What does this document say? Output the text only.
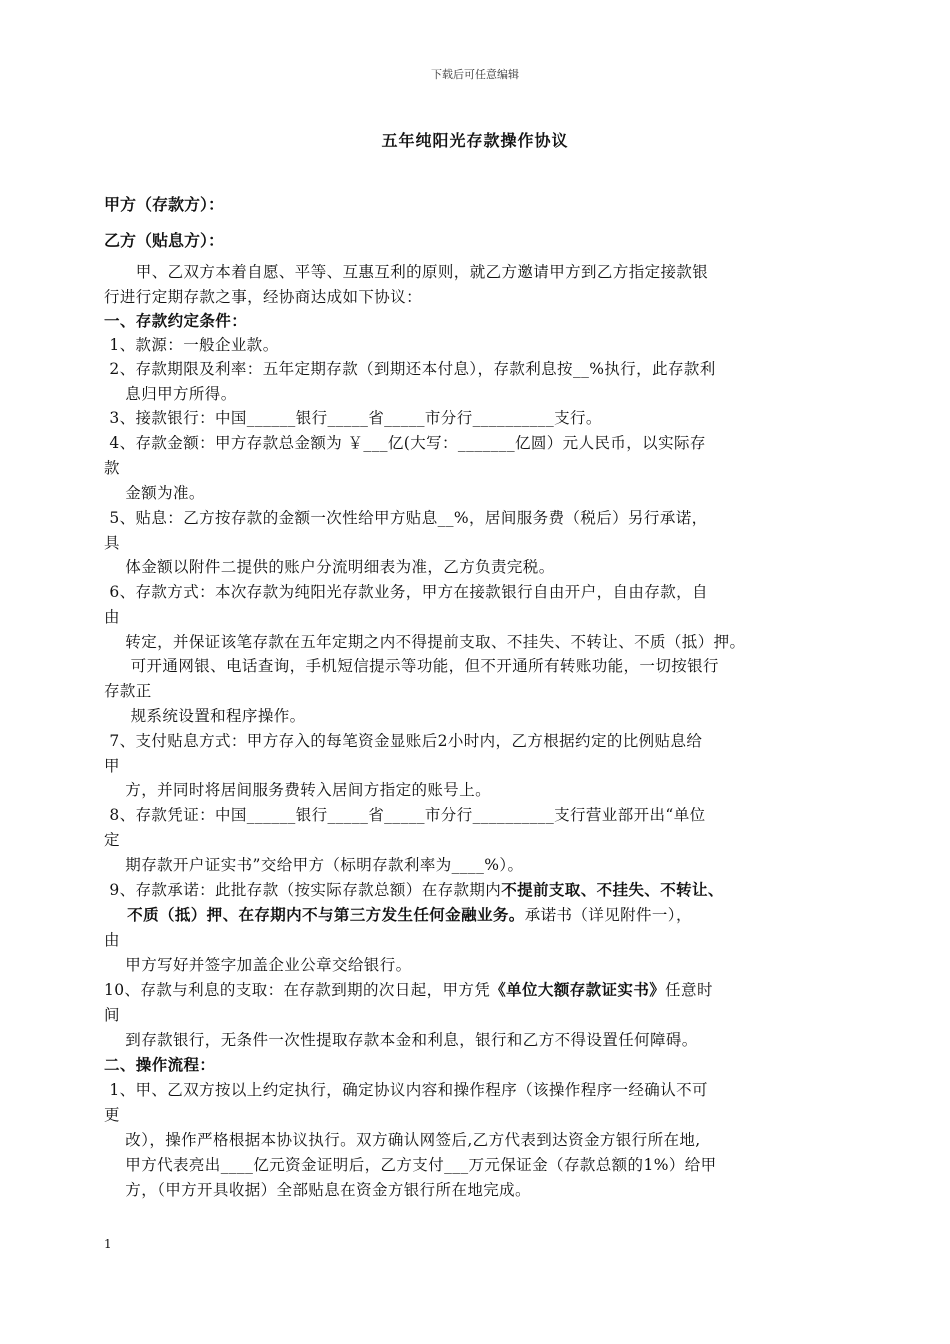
下载后可任意编辑
五年纯阳光存款操作协议
甲方（存款方）：
乙方（贴息方）：
　　甲、乙双方本着自愿、平等、互惠互利的原则，就乙方邀请甲方到乙方指定接款银
行进行定期存款之事，经协商达成如下协议：
一、存款约定条件：
1、款源：一般企业款。
2、存款期限及利率：五年定期存款（到期还本付息），存款利息按__%执行，此存款利
息归甲方所得。
3、接款银行：中国______银行_____省_____市分行__________支行。
4、存款金额：甲方存款总金额为 ￥___亿(大写：_______亿圆）元人民币，以实际存
款
金额为准。
5、贴息：乙方按存款的金额一次性给甲方贴息__%，居间服务费（税后）另行承诺，
具
体金额以附件二提供的账户分流明细表为准，乙方负责完税。
6、存款方式：本次存款为纯阳光存款业务，甲方在接款银行自由开户，自由存款，自
由
转定，并保证该笔存款在五年定期之内不得提前支取、不挂失、不转让、不质（抵）押。
可开通网银、电话查询，手机短信提示等功能，但不开通所有转账功能，一切按银行
存款正
规系统设置和程序操作。
7、支付贴息方式：甲方存入的每笔资金显账后2小时内，乙方根据约定的比例贴息给
甲
方，并同时将居间服务费转入居间方指定的账号上。
8、存款凭证：中国______银行_____省_____市分行__________支行营业部开出“单位
定
期存款开户证实书”交给甲方（标明存款利率为____%）。
9、存款承诺：此批存款（按实际存款总额）在存款期内不提前支取、不挂失、不转让、
不质（抵）押、在存期内不与第三方发生任何金融业务。承诺书（详见附件一），
由
甲方写好并签字加盖企业公章交给银行。
10、存款与利息的支取：在存款到期的次日起，甲方凭《单位大额存款证实书》任意时
间
到存款银行，无条件一次性提取存款本金和利息，银行和乙方不得设置任何障碍。
二、操作流程：
1、甲、乙双方按以上约定执行，确定协议内容和操作程序（该操作程序一经确认不可
更
改），操作严格根据本协议执行。双方确认网签后,乙方代表到达资金方银行所在地,
甲方代表亮出____亿元资金证明后，乙方支付___万元保证金（存款总额的1%）给甲
方，（甲方开具收据）全部贴息在资金方银行所在地完成。
1
